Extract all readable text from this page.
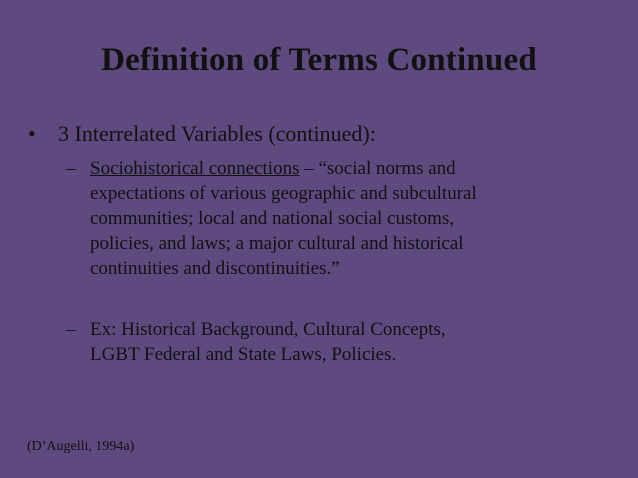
Definition of Terms Continued
• 3 Interrelated Variables (continued):
– Sociohistorical connections – “social norms and
expectations of various geographic and subcultural
communities; local and national social customs,
policies, and laws; a major cultural and historical
continuities and discontinuities.”
– Ex: Historical Background, Cultural Concepts,
LGBT Federal and State Laws, Policies.
(D’Augelli, 1994a)
